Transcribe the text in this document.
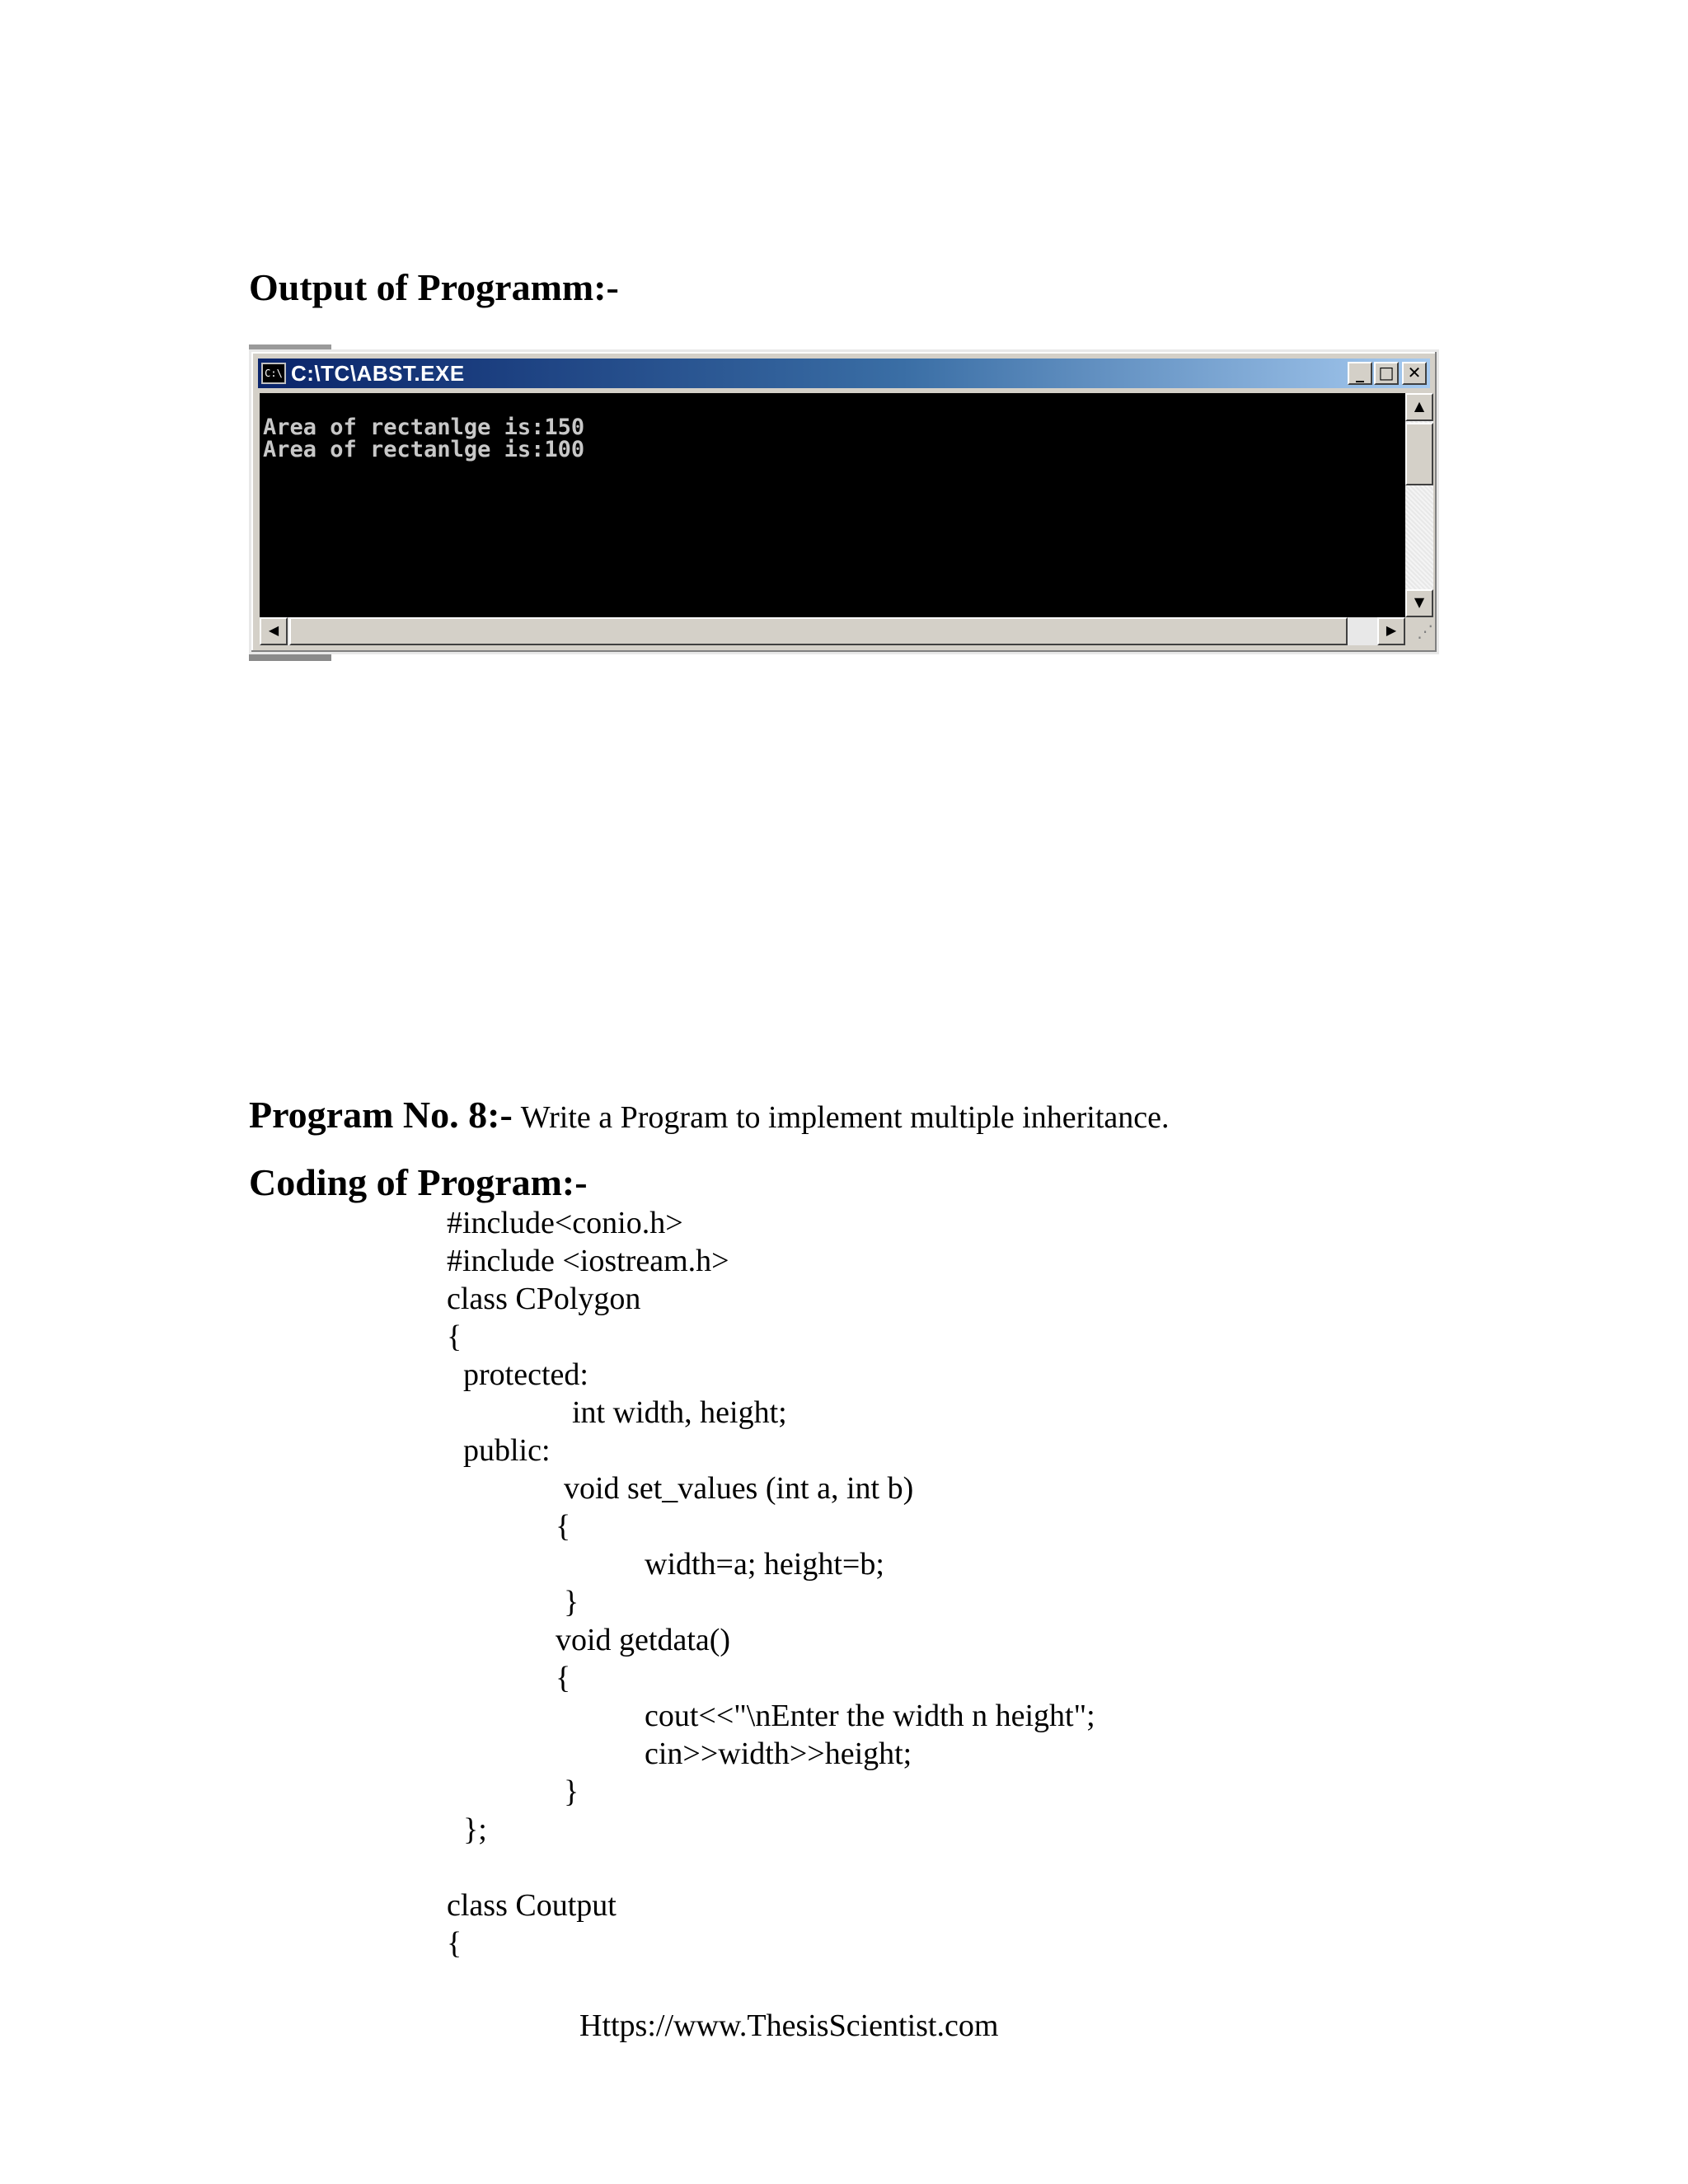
Output of Programm:-
C:\ C:\TC\ABST.EXE	_ □ ✕
Area of rectanlge is:150
Area of rectanlge is:100
▲
▼
◀	▶	⋰
Program No. 8:- Write a Program to implement multiple inheritance.
Coding of Program:-
#include<conio.h>
#include <iostream.h>
class CPolygon
{
protected:
int width, height;
public:
void set_values (int a, int b)
{
width=a; height=b;
}
void getdata()
{
cout<<"\nEnter the width n height";
cin>>width>>height;
}
};
class Coutput
{
Https://www.ThesisScientist.com
